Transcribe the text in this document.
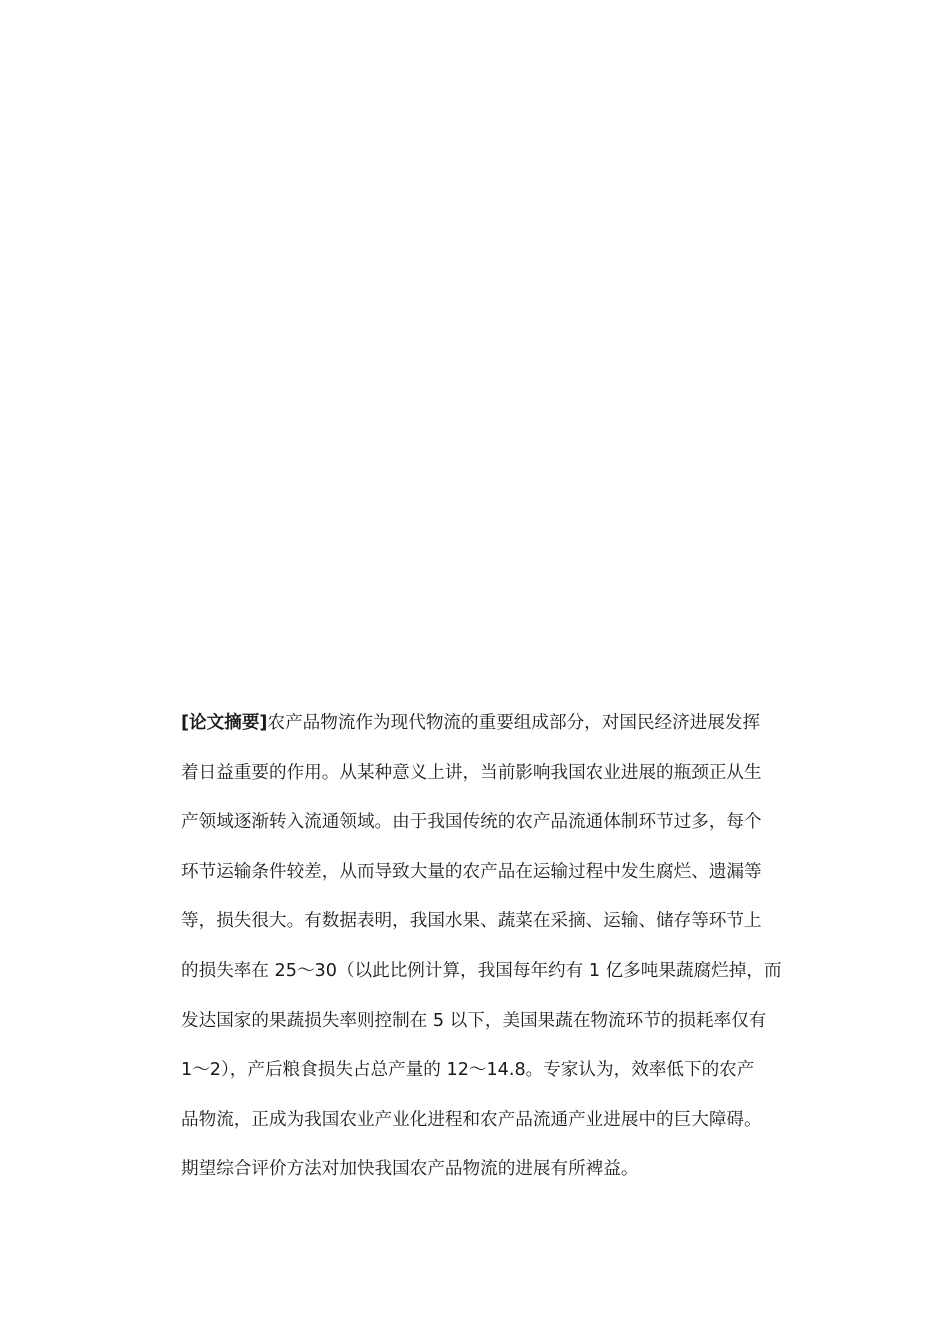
[论文摘要]农产品物流作为现代物流的重要组成部分，对国民经济进展发挥
着日益重要的作用。从某种意义上讲，当前影响我国农业进展的瓶颈正从生
产领域逐渐转入流通领域。由于我国传统的农产品流通体制环节过多，每个
环节运输条件较差，从而导致大量的农产品在运输过程中发生腐烂、遗漏等
等，损失很大。有数据表明，我国水果、蔬菜在采摘、运输、储存等环节上
的损失率在 25～30（以此比例计算，我国每年约有 1 亿多吨果蔬腐烂掉，而
发达国家的果蔬损失率则控制在 5 以下，美国果蔬在物流环节的损耗率仅有
1～2），产后粮食损失占总产量的 12～14.8。专家认为，效率低下的农产
品物流，正成为我国农业产业化进程和农产品流通产业进展中的巨大障碍。
期望综合评价方法对加快我国农产品物流的进展有所裨益。
